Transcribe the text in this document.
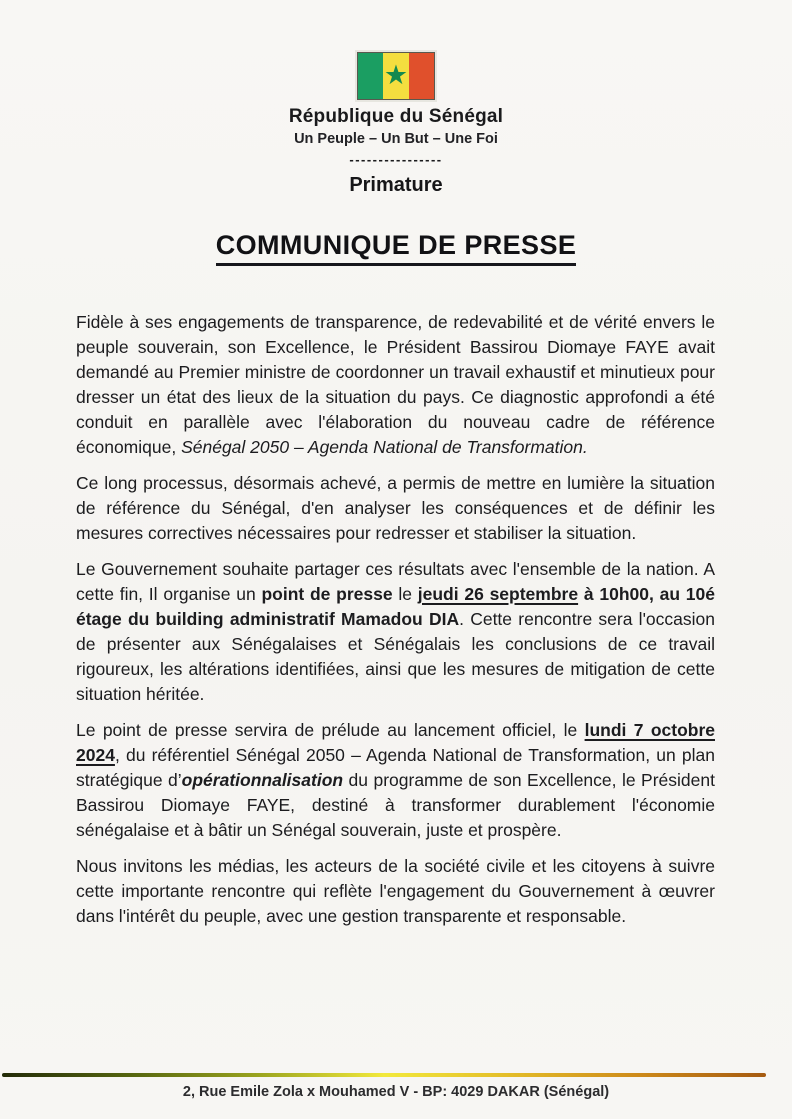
★
République du Sénégal
Un Peuple – Un But – Une Foi
----------------
Primature
COMMUNIQUE DE PRESSE

Fidèle à ses engagements de transparence, de redevabilité et de vérité envers le peuple souverain, son Excellence, le Président Bassirou Diomaye FAYE avait demandé au Premier ministre de coordonner un travail exhaustif et minutieux pour dresser un état des lieux de la situation du pays. Ce diagnostic approfondi a été conduit en parallèle avec l'élaboration du nouveau cadre de référence économique, Sénégal 2050 – Agenda National de Transformation.

Ce long processus, désormais achevé, a permis de mettre en lumière la situation de référence du Sénégal, d'en analyser les conséquences et de définir les mesures correctives nécessaires pour redresser et stabiliser la situation.

Le Gouvernement souhaite partager ces résultats avec l'ensemble de la nation. A cette fin, Il organise un point de presse le jeudi 26 septembre à 10h00, au 10é étage du building administratif Mamadou DIA. Cette rencontre sera l'occasion de présenter aux Sénégalaises et Sénégalais les conclusions de ce travail rigoureux, les altérations identifiées, ainsi que les mesures de mitigation de cette situation héritée.

Le point de presse servira de prélude au lancement officiel, le lundi 7 octobre 2024, du référentiel Sénégal 2050 – Agenda National de Transformation, un plan stratégique d’opérationnalisation du programme de son Excellence, le Président Bassirou Diomaye FAYE, destiné à transformer durablement l'économie sénégalaise et à bâtir un Sénégal souverain, juste et prospère.

Nous invitons les médias, les acteurs de la société civile et les citoyens à suivre cette importante rencontre qui reflète l'engagement du Gouvernement à œuvrer dans l'intérêt du peuple, avec une gestion transparente et responsable.

2, Rue Emile Zola x Mouhamed V - BP: 4029 DAKAR (Sénégal)
